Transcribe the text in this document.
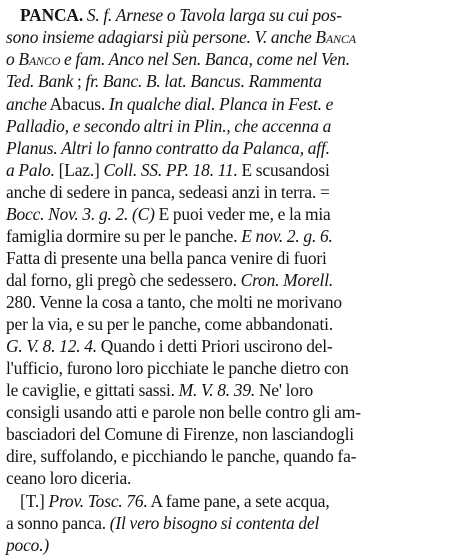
PANCA. S. f. Arnese o Tavola larga su cui pos-
sono insieme adagiarsi più persone. V. anche Banca
o Banco e fam. Anco nel Sen. Banca, come nel Ven.
Ted. Bank ; fr. Banc. B. lat. Bancus. Rammenta
anche Abacus. In qualche dial. Planca in Fest. e
Palladio, e secondo altri in Plin., che accenna a
Planus. Altri lo fanno contratto da Palanca, aff.
a Palo. [Laz.] Coll. SS. PP. 18. 11. E scusandosi
anche di sedere in panca, sedeasi anzi in terra. =
Bocc. Nov. 3. g. 2. (C) E puoi veder me, e la mia
famiglia dormire su per le panche. E nov. 2. g. 6.
Fatta di presente una bella panca venire di fuori
dal forno, gli pregò che sedessero. Cron. Morell.
280. Venne la cosa a tanto, che molti ne morivano
per la via, e su per le panche, come abbandonati.
G. V. 8. 12. 4. Quando i detti Priori uscirono del-
l'ufficio, furono loro picchiate le panche dietro con
le caviglie, e gittati sassi. M. V. 8. 39. Ne' loro
consigli usando atti e parole non belle contro gli am-
basciadori del Comune di Firenze, non lasciandogli
dire, suffolando, e picchiando le panche, quando fa-
ceano loro diceria.
[T.] Prov. Tosc. 76. A fame pane, a sete acqua,
a sonno panca. (Il vero bisogno si contenta del
poco.)
